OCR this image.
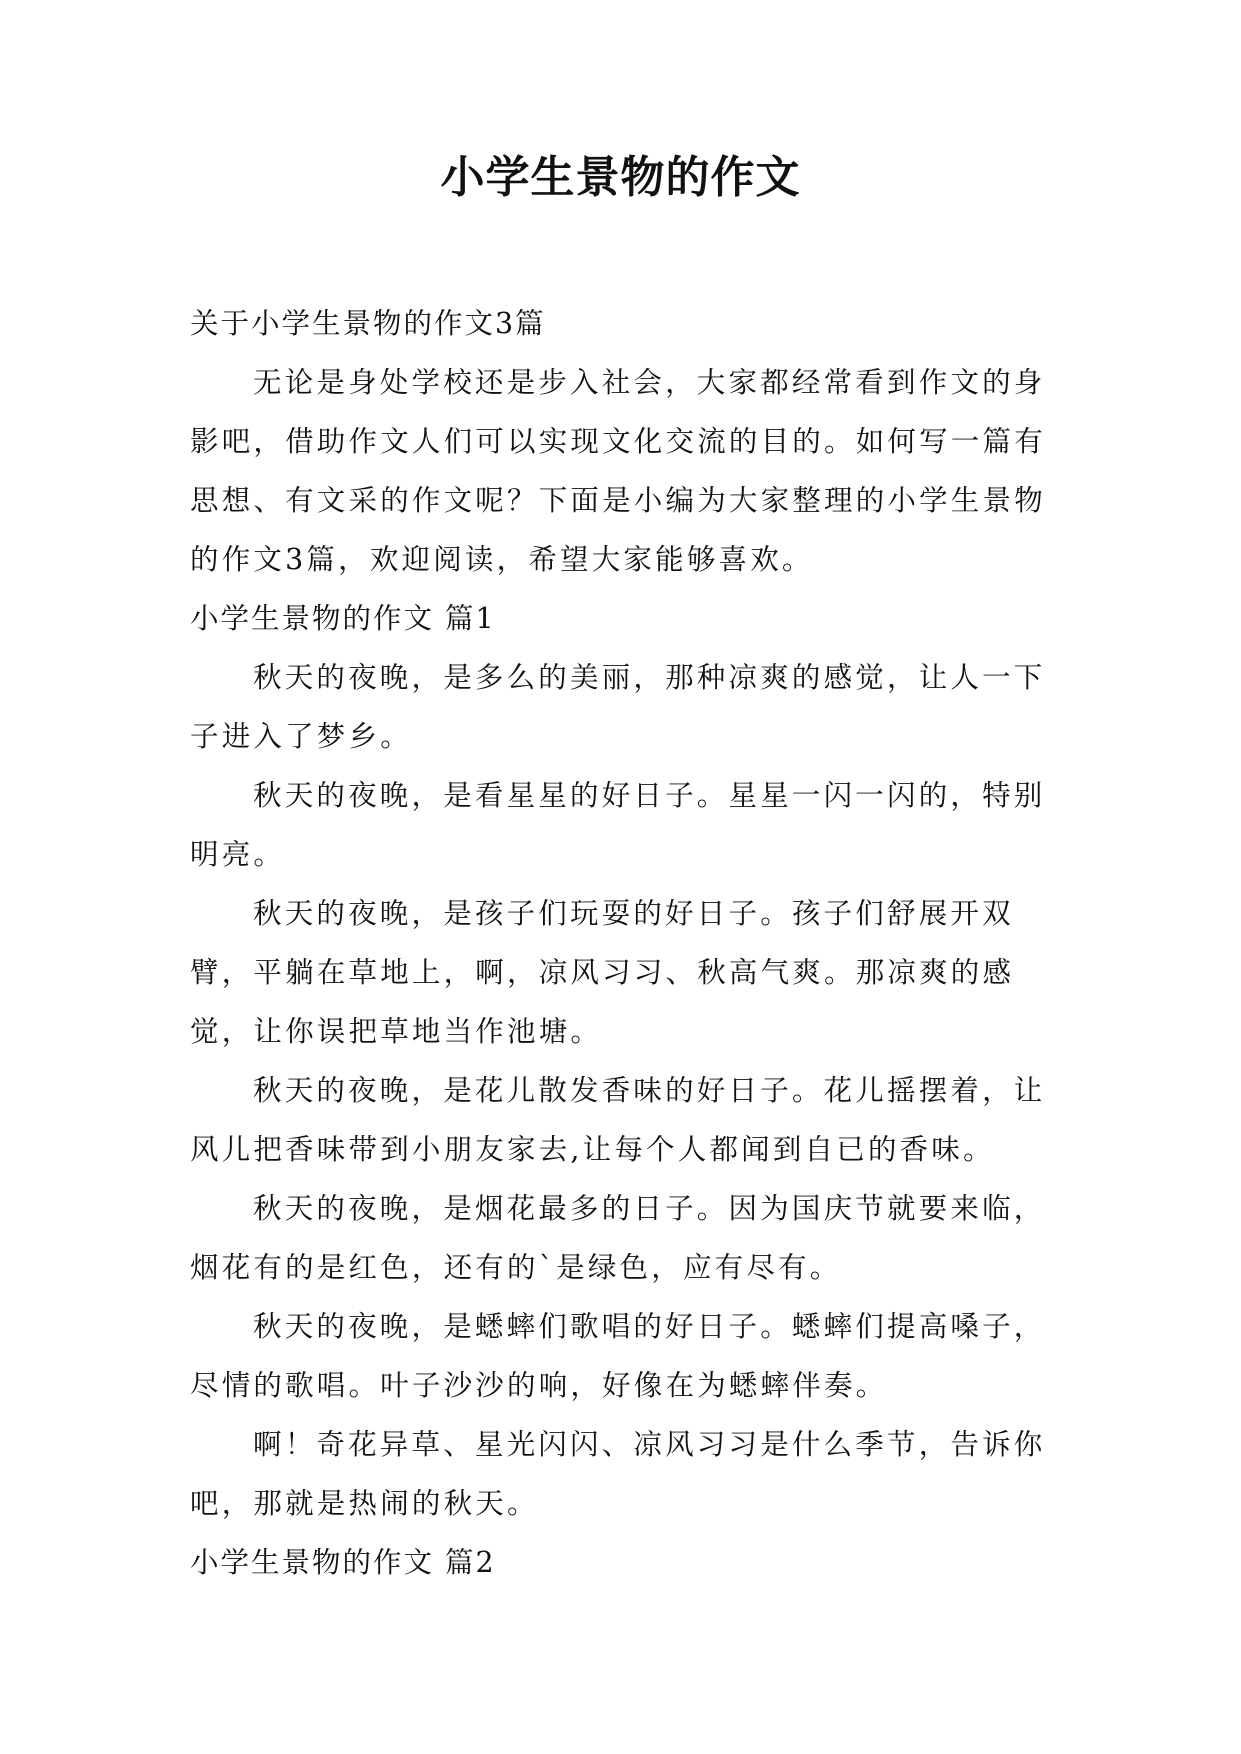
小学生景物的作文

关于小学生景物的作文3篇

无论是身处学校还是步入社会，大家都经常看到作文的身影吧，借助作文人们可以实现文化交流的目的。如何写一篇有思想、有文采的作文呢？下面是小编为大家整理的小学生景物的作文3篇，欢迎阅读，希望大家能够喜欢。

小学生景物的作文 篇1

秋天的夜晚，是多么的美丽，那种凉爽的感觉，让人一下子进入了梦乡。

秋天的夜晚，是看星星的好日子。星星一闪一闪的，特别明亮。

秋天的夜晚，是孩子们玩耍的好日子。孩子们舒展开双臂，平躺在草地上，啊，凉风习习、秋高气爽。那凉爽的感觉，让你误把草地当作池塘。

秋天的夜晚，是花儿散发香味的好日子。花儿摇摆着，让风儿把香味带到小朋友家去,让每个人都闻到自已的香味。

秋天的夜晚，是烟花最多的日子。因为国庆节就要来临，烟花有的是红色，还有的`是绿色，应有尽有。

秋天的夜晚，是蟋蟀们歌唱的好日子。蟋蟀们提高嗓子，尽情的歌唱。叶子沙沙的响，好像在为蟋蟀伴奏。

啊！奇花异草、星光闪闪、凉风习习是什么季节，告诉你吧，那就是热闹的秋天。

小学生景物的作文 篇2
